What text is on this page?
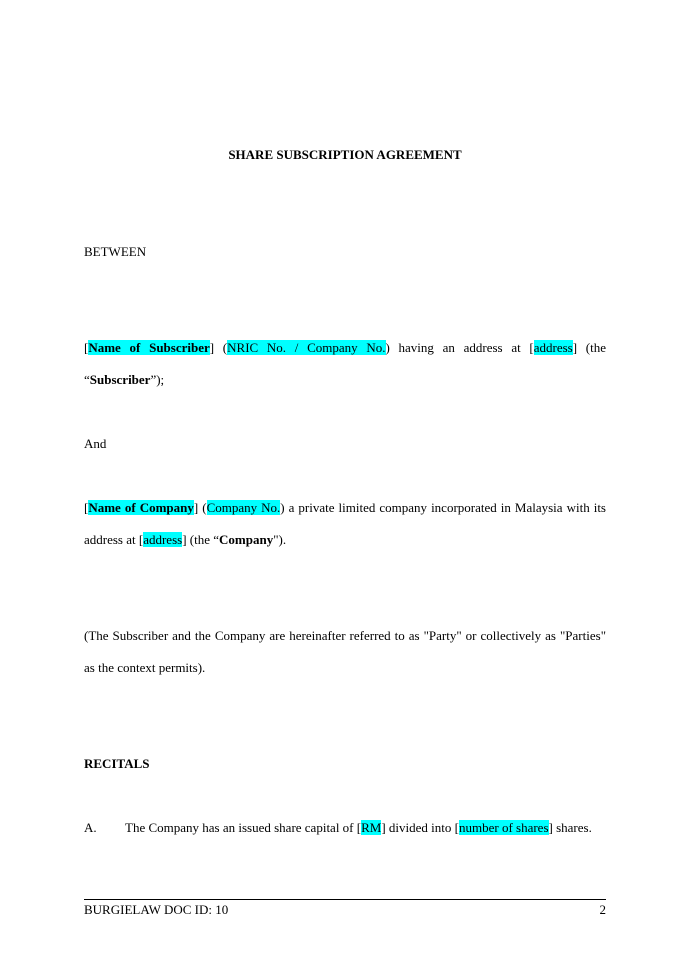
SHARE SUBSCRIPTION AGREEMENT
BETWEEN
[Name of Subscriber] (NRIC No. / Company No.) having an address at [address] (the “Subscriber”);
And
[Name of Company] (Company No.) a private limited company incorporated in Malaysia with its address at [address] (the “Company").
(The Subscriber and the Company are hereinafter referred to as "Party" or collectively as "Parties" as the context permits).
RECITALS
A. The Company has an issued share capital of [RM] divided into [number of shares] shares.
BURGIELAW DOC ID: 10	2
